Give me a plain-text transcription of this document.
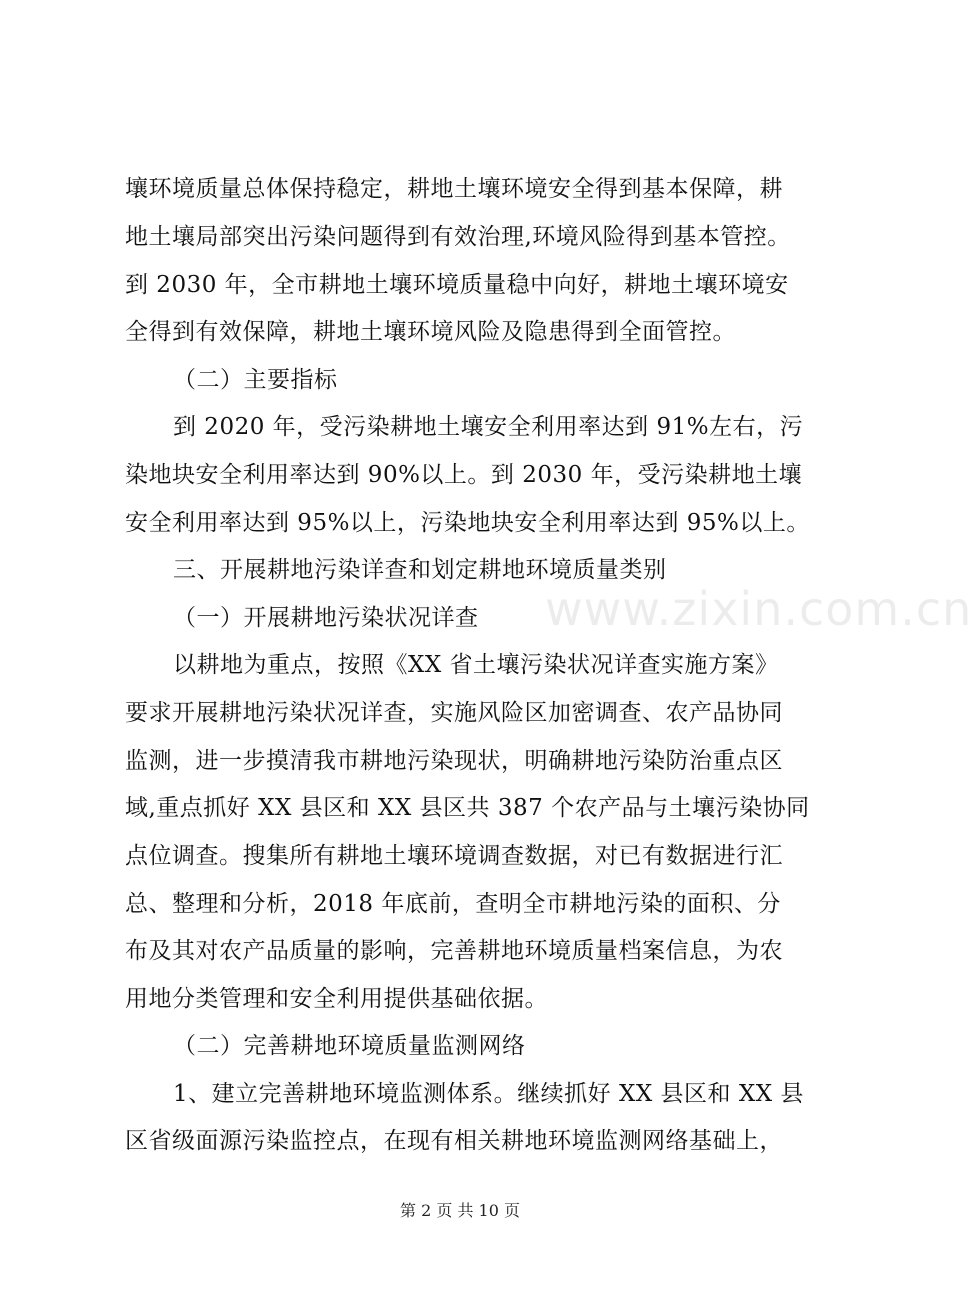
www.zixin.com.cn
壤环境质量总体保持稳定，耕地土壤环境安全得到基本保障，耕
地土壤局部突出污染问题得到有效治理,环境风险得到基本管控。
到 2030 年，全市耕地土壤环境质量稳中向好，耕地土壤环境安
全得到有效保障，耕地土壤环境风险及隐患得到全面管控。
（二）主要指标
到 2020 年，受污染耕地土壤安全利用率达到 91%左右，污
染地块安全利用率达到 90%以上。到 2030 年，受污染耕地土壤
安全利用率达到 95%以上，污染地块安全利用率达到 95%以上。
三、开展耕地污染详查和划定耕地环境质量类别
（一）开展耕地污染状况详查
以耕地为重点，按照《XX 省土壤污染状况详查实施方案》
要求开展耕地污染状况详查，实施风险区加密调查、农产品协同
监测，进一步摸清我市耕地污染现状，明确耕地污染防治重点区
域,重点抓好 XX 县区和 XX 县区共 387 个农产品与土壤污染协同
点位调查。搜集所有耕地土壤环境调查数据，对已有数据进行汇
总、整理和分析，2018 年底前，查明全市耕地污染的面积、分
布及其对农产品质量的影响，完善耕地环境质量档案信息，为农
用地分类管理和安全利用提供基础依据。
（二）完善耕地环境质量监测网络
1、建立完善耕地环境监测体系。继续抓好 XX 县区和 XX 县
区省级面源污染监控点，在现有相关耕地环境监测网络基础上，
第 2 页 共 10 页
